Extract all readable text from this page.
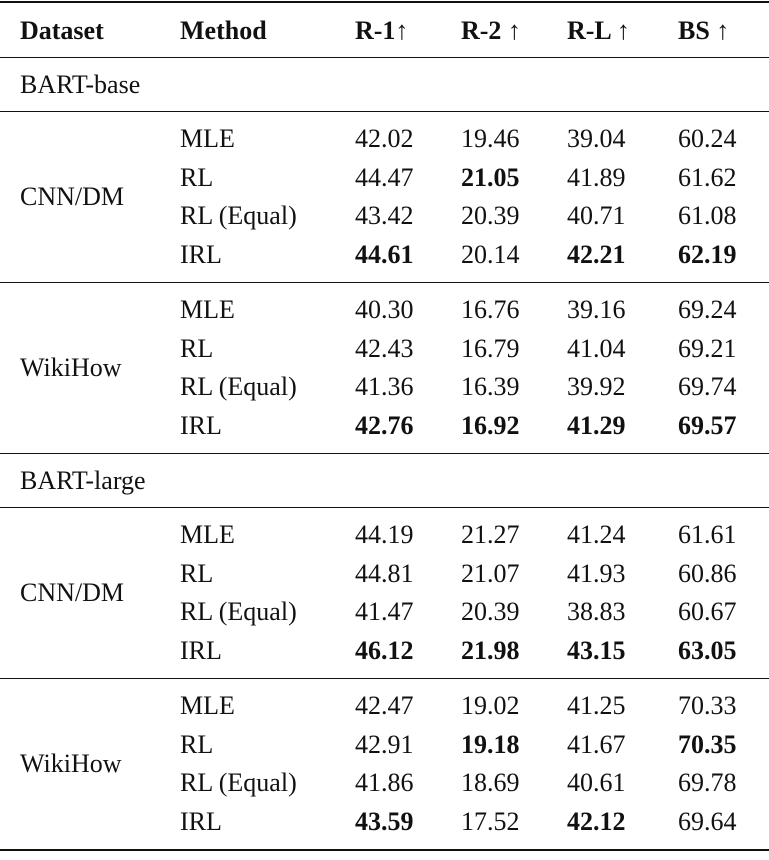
Dataset	Method	R-1↑ R-2 ↑ R-L ↑ BS ↑
BART-base
CNN/DM
MLE	42.02 19.46 39.04 60.24
RL	44.47 21.05 41.89 61.62
RL (Equal) 43.42 20.39 40.71 61.08
IRL	44.61 20.14 42.21 62.19
WikiHow
MLE	40.30 16.76 39.16 69.24
RL	42.43 16.79 41.04 69.21
RL (Equal) 41.36 16.39 39.92 69.74
IRL	42.76 16.92 41.29 69.57
BART-large
CNN/DM
MLE	44.19 21.27 41.24 61.61
RL	44.81 21.07 41.93 60.86
RL (Equal) 41.47 20.39 38.83 60.67
IRL	46.12 21.98 43.15 63.05
WikiHow
MLE	42.47 19.02 41.25 70.33
RL	42.91 19.18 41.67 70.35
RL (Equal) 41.86 18.69 40.61 69.78
IRL	43.59 17.52 42.12 69.64
